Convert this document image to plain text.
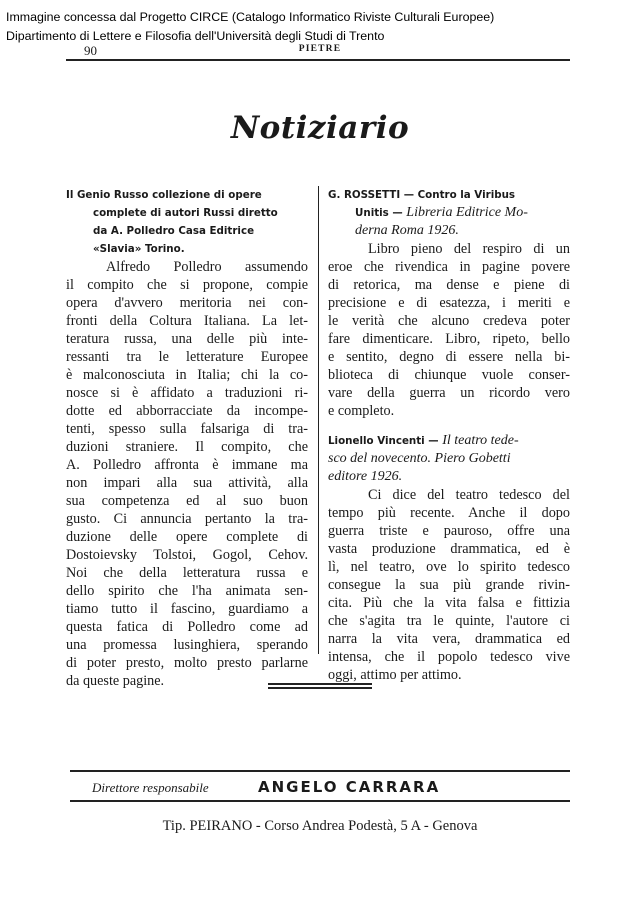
Immagine concessa dal Progetto CIRCE (Catalogo Informatico Riviste Culturali Europee)
Dipartimento di Lettere e Filosofia dell'Università degli Studi di Trento
90	PIETRE
Notiziario
Il Genio Russo collezione di opere
complete di autori Russi diretto
da A. Polledro Casa Editrice
«Slavia» Torino.
Alfredo Polledro assumendo
il compito che si propone, compie
opera d'avvero meritoria nei con-
fronti della Coltura Italiana. La let-
teratura russa, una delle più inte-
ressanti tra le letterature Europee
è malconosciuta in Italia; chi la co-
nosce si è affidato a traduzioni ri-
dotte ed abborracciate da incompe-
tenti, spesso sulla falsariga di tra-
duzioni straniere. Il compito, che
A. Polledro affronta è immane ma
non impari alla sua attività, alla
sua competenza ed al suo buon
gusto. Ci annuncia pertanto la tra-
duzione delle opere complete di
Dostoievsky Tolstoi, Gogol, Cehov.
Noi che della letteratura russa e
dello spirito che l'ha animata sen-
tiamo tutto il fascino, guardiamo a
questa fatica di Polledro come ad
una promessa lusinghiera, sperando
di poter presto, molto presto parlarne
da queste pagine.
G. ROSSETTI — Contro la Viribus
Unitis — Libreria Editrice Mo-
derna Roma 1926.
Libro pieno del respiro di un
eroe che rivendica in pagine povere
di retorica, ma dense e piene di
precisione e di esatezza, i meriti e
le verità che alcuno credeva poter
fare dimenticare. Libro, ripeto, bello
e sentito, degno di essere nella bi-
blioteca di chiunque vuole conser-
vare della guerra un ricordo vero
e completo.
Lionello Vincenti — Il teatro tede-
sco del novecento. Piero Gobetti
editore 1926.
Ci dice del teatro tedesco del
tempo più recente. Anche il dopo
guerra triste e pauroso, offre una
vasta produzione drammatica, ed è
lì, nel teatro, ove lo spirito tedesco
consegue la sua più grande rivin-
cita. Più che la vita falsa e fittizia
che s'agita tra le quinte, l'autore ci
narra la vita vera, drammatica ed
intensa, che il popolo tedesco vive
oggi, attimo per attimo.
Direttore responsabile	ANGELO CARRARA
Tip. PEIRANO - Corso Andrea Podestà, 5 A - Genova
